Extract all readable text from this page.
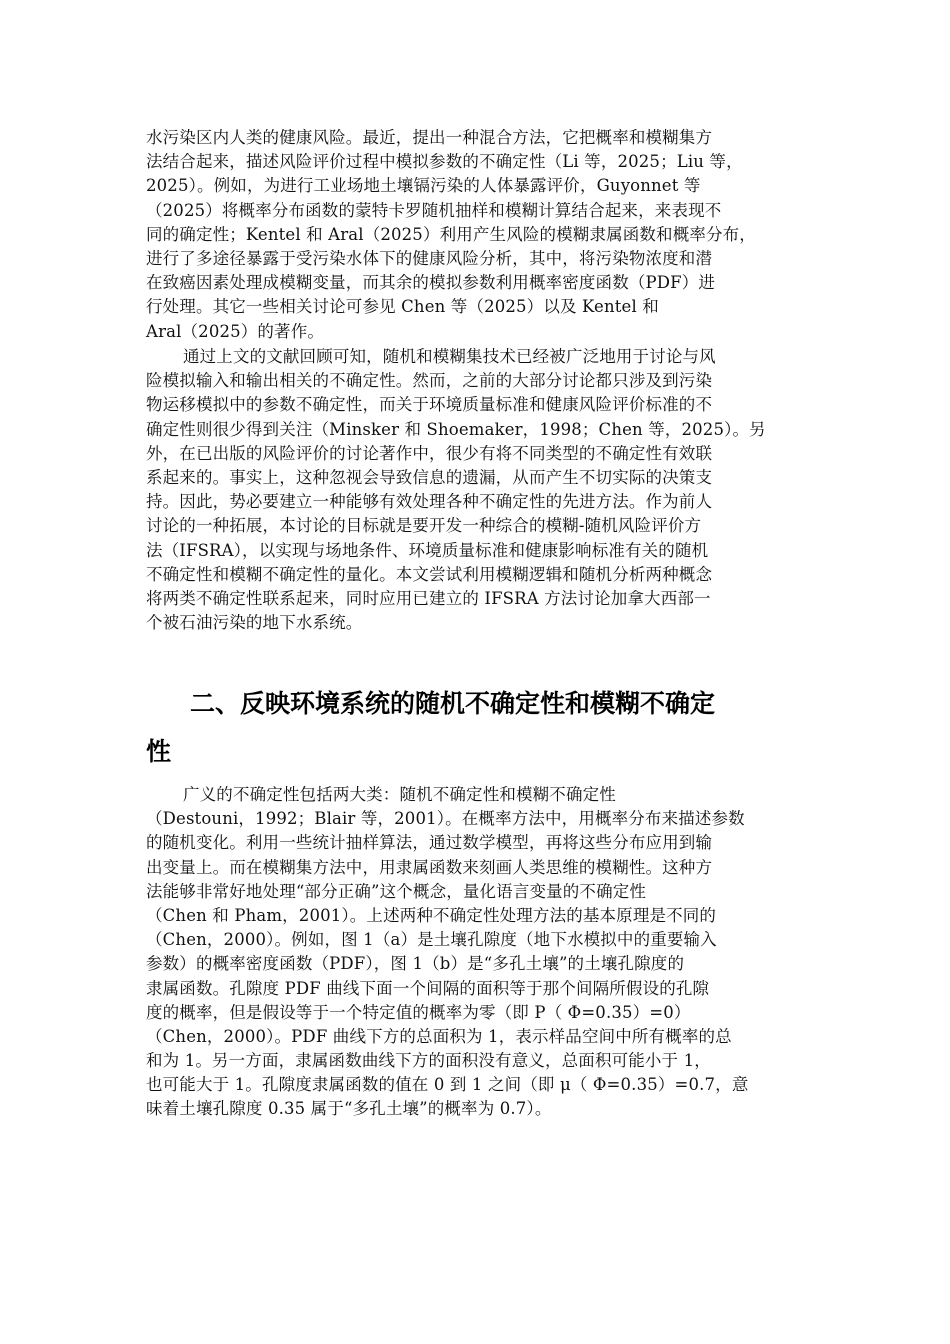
水污染区内人类的健康风险。最近，提出一种混合方法，它把概率和模糊集方
法结合起来，描述风险评价过程中模拟参数的不确定性（Li 等，2025；Liu 等，
2025）。例如，为进行工业场地土壤镉污染的人体暴露评价，Guyonnet 等
（2025）将概率分布函数的蒙特卡罗随机抽样和模糊计算结合起来，来表现不
同的确定性；Kentel 和 Aral（2025）利用产生风险的模糊隶属函数和概率分布，
进行了多途径暴露于受污染水体下的健康风险分析，其中，将污染物浓度和潜
在致癌因素处理成模糊变量，而其余的模拟参数利用概率密度函数（PDF）进
行处理。其它一些相关讨论可参见 Chen 等（2025）以及 Kentel 和
Aral（2025）的著作。
通过上文的文献回顾可知，随机和模糊集技术已经被广泛地用于讨论与风
险模拟输入和输出相关的不确定性。然而，之前的大部分讨论都只涉及到污染
物运移模拟中的参数不确定性，而关于环境质量标准和健康风险评价标准的不
确定性则很少得到关注（Minsker 和 Shoemaker，1998；Chen 等，2025）。另
外，在已出版的风险评价的讨论著作中，很少有将不同类型的不确定性有效联
系起来的。事实上，这种忽视会导致信息的遗漏，从而产生不切实际的决策支
持。因此，势必要建立一种能够有效处理各种不确定性的先进方法。作为前人
讨论的一种拓展，本讨论的目标就是要开发一种综合的模糊-随机风险评价方
法（IFSRA），以实现与场地条件、环境质量标准和健康影响标准有关的随机
不确定性和模糊不确定性的量化。本文尝试利用模糊逻辑和随机分析两种概念
将两类不确定性联系起来，同时应用已建立的 IFSRA 方法讨论加拿大西部一
个被石油污染的地下水系统。
二、反映环境系统的随机不确定性和模糊不确定
性
广义的不确定性包括两大类：随机不确定性和模糊不确定性
（Destouni，1992；Blair 等，2001）。在概率方法中，用概率分布来描述参数
的随机变化。利用一些统计抽样算法，通过数学模型，再将这些分布应用到输
出变量上。而在模糊集方法中，用隶属函数来刻画人类思维的模糊性。这种方
法能够非常好地处理“部分正确”这个概念，量化语言变量的不确定性
（Chen 和 Pham，2001）。上述两种不确定性处理方法的基本原理是不同的
（Chen，2000）。例如，图 1（a）是土壤孔隙度（地下水模拟中的重要输入
参数）的概率密度函数（PDF），图 1（b）是“多孔土壤”的土壤孔隙度的
隶属函数。孔隙度 PDF 曲线下面一个间隔的面积等于那个间隔所假设的孔隙
度的概率，但是假设等于一个特定值的概率为零（即 P（ Φ=0.35）=0）
（Chen，2000）。PDF 曲线下方的总面积为 1，表示样品空间中所有概率的总
和为 1。另一方面，隶属函数曲线下方的面积没有意义，总面积可能小于 1，
也可能大于 1。孔隙度隶属函数的值在 0 到 1 之间（即 μ（ Φ=0.35）=0.7，意
味着土壤孔隙度 0.35 属于“多孔土壤”的概率为 0.7）。
